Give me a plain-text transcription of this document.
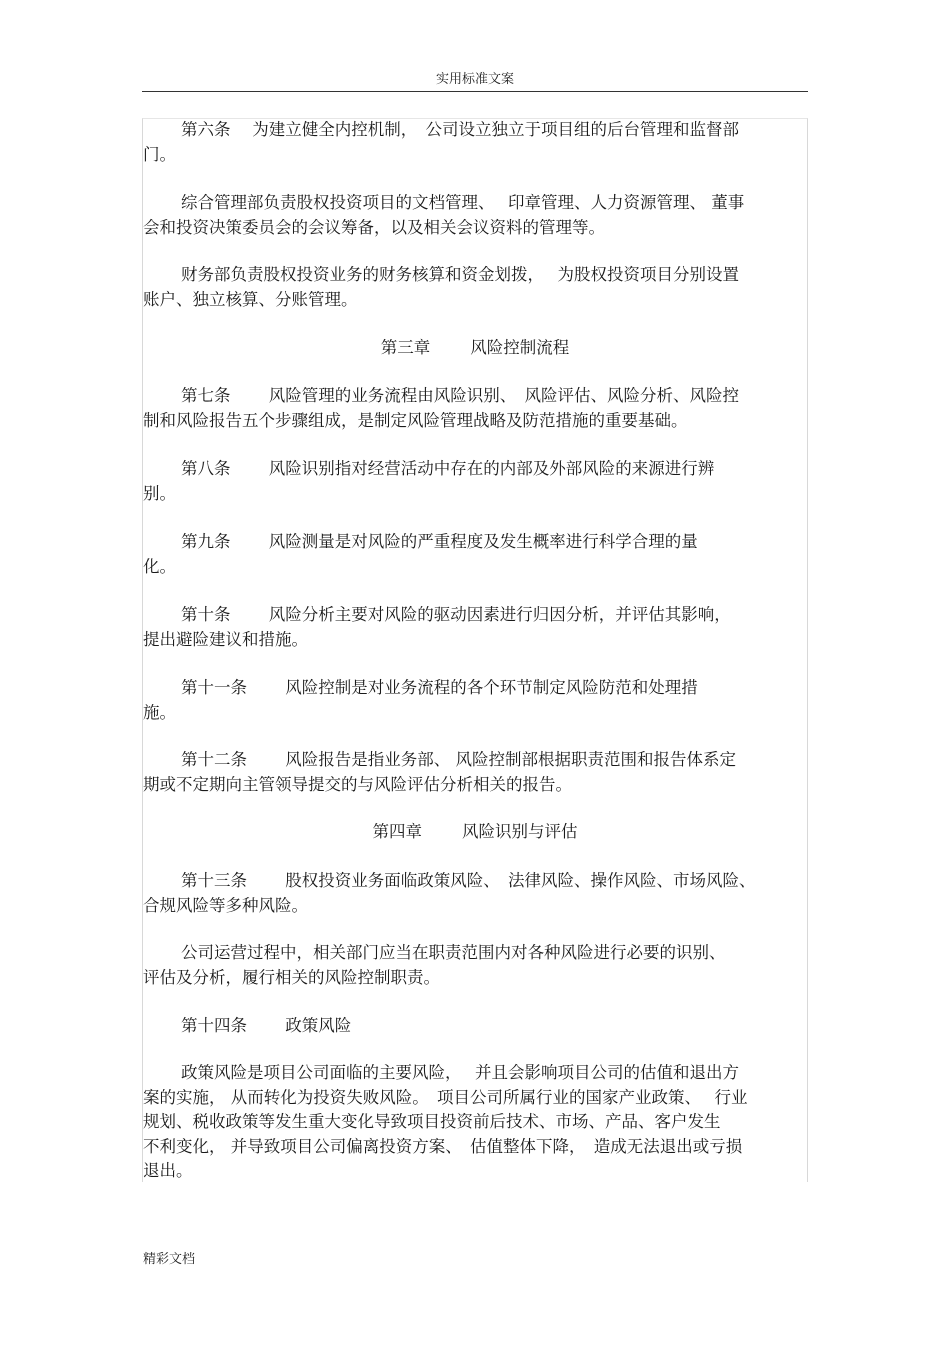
实用标准文案
第六条　 为建立健全内控机制，　公司设立独立于项目组的后台管理和监督部
门。
综合管理部负责股权投资项目的文档管理、　 印章管理、人力资源管理、 董事
会和投资决策委员会的会议筹备，以及相关会议资料的管理等。
财务部负责股权投资业务的财务核算和资金划拨，　 为股权投资项目分别设置
账户、独立核算、分账管理。
第三章 风险控制流程
第七条　　 风险管理的业务流程由风险识别、　风险评估、风险分析、风险控
制和风险报告五个步骤组成，是制定风险管理战略及防范措施的重要基础。
第八条　　 风险识别指对经营活动中存在的内部及外部风险的来源进行辨
别。
第九条　　 风险测量是对风险的严重程度及发生概率进行科学合理的量
化。
第十条　　 风险分析主要对风险的驱动因素进行归因分析，并评估其影响，
提出避险建议和措施。
第十一条　　 风险控制是对业务流程的各个环节制定风险防范和处理措
施。
第十二条　　 风险报告是指业务部、 风险控制部根据职责范围和报告体系定
期或不定期向主管领导提交的与风险评估分析相关的报告。
第四章 风险识别与评估
第十三条　　 股权投资业务面临政策风险、　法律风险、操作风险、市场风险、
合规风险等多种风险。
公司运营过程中，相关部门应当在职责范围内对各种风险进行必要的识别、
评估及分析，履行相关的风险控制职责。
第十四条　　 政策风险
政策风险是项目公司面临的主要风险，　 并且会影响项目公司的估值和退出方
案的实施， 从而转化为投资失败风险。　项目公司所属行业的国家产业政策、　 行业
规划、税收政策等发生重大变化导致项目投资前后技术、市场、产品、客户发生
不利变化， 并导致项目公司偏离投资方案、　估值整体下降，　造成无法退出或亏损
退出。
精彩文档
